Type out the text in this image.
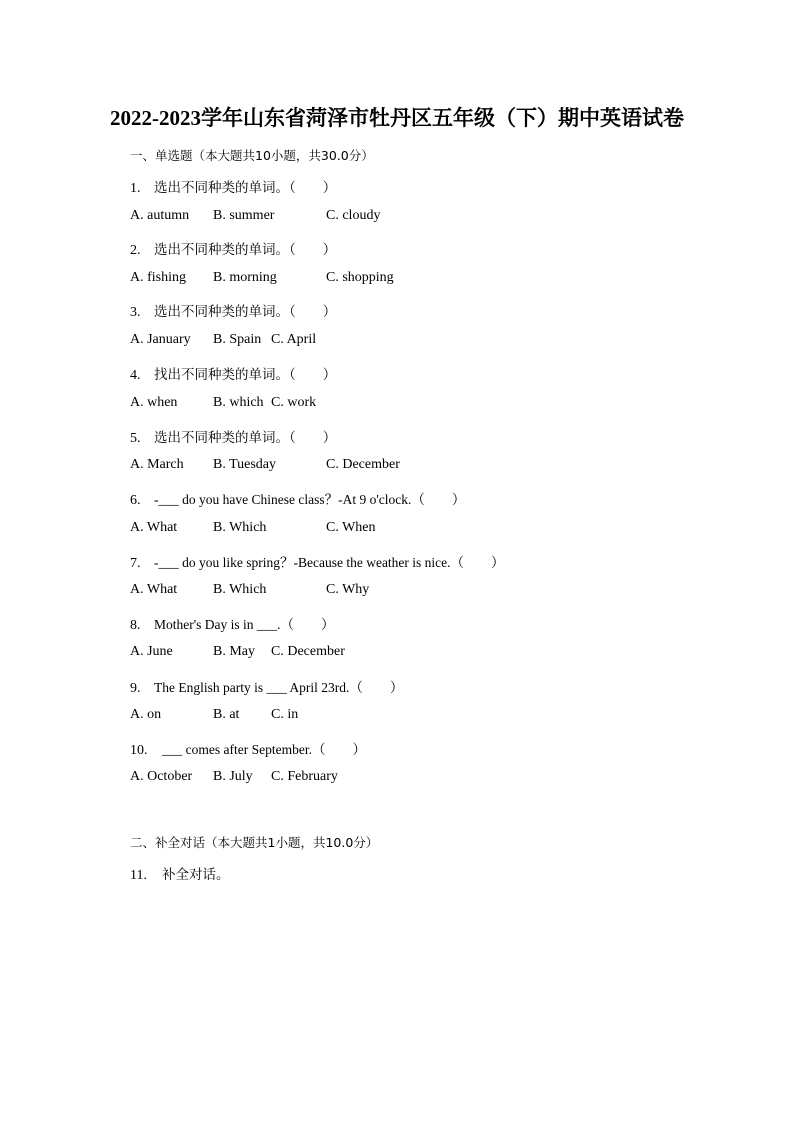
2022-2023学年山东省菏泽市牡丹区五年级（下）期中英语试卷
一、单选题（本大题共10小题，共30.0分）
1. 选出不同种类的单词。（　　）
A. autumn B. summer	C. cloudy
2. 选出不同种类的单词。（　　）
A. fishing B. morning	C. shopping
3. 选出不同种类的单词。（　　）
A. January B. Spain C. April
4. 找出不同种类的单词。（　　）
A. when	B. which C. work
5. 选出不同种类的单词。（　　）
A. March B. Tuesday	C. December
6. -___ do you have Chinese class？-At 9 o'clock.（　　）
A. What	B. Which	C. When
7. -___ do you like spring？-Because the weather is nice.（　　）
A. What	B. Which	C. Why
8. Mother's Day is in ___.（　　）
A. June	B. May C. December
9. The English party is ___ April 23rd.（　　）
A. on	B. at C. in
10. ___ comes after September.（　　）
A. October B. July C. February
二、补全对话（本大题共1小题，共10.0分）
11. 补全对话。
